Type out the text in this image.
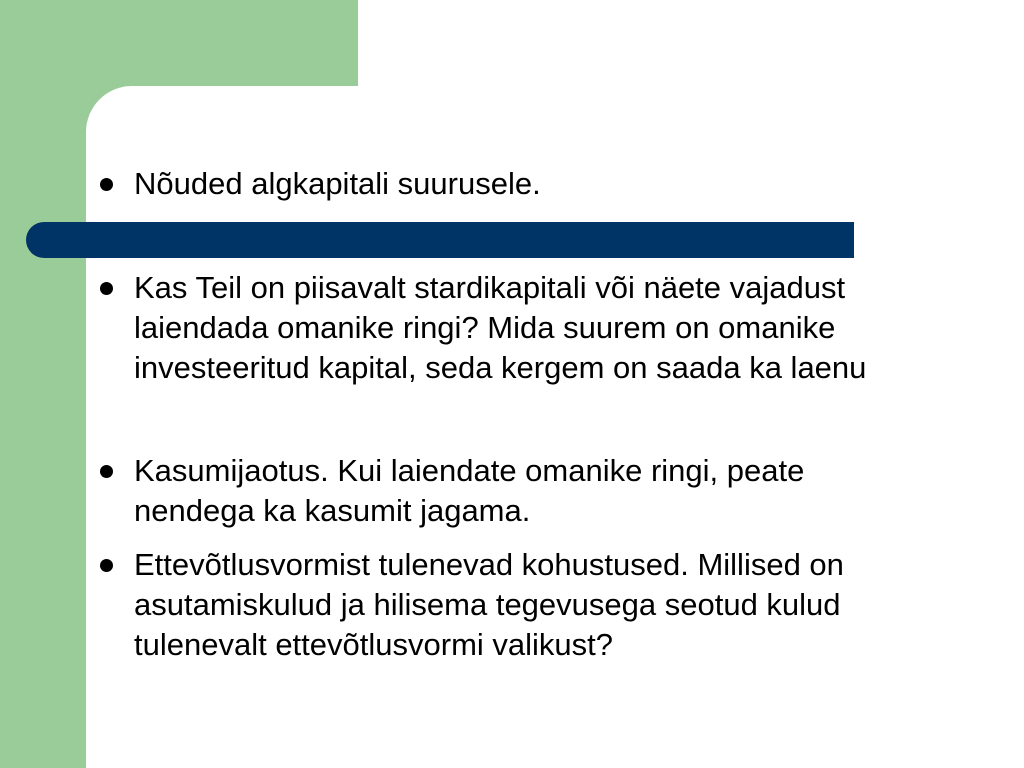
Nõuded algkapitali suurusele.
Kas Teil on piisavalt stardikapitali või näete vajadust laiendada omanike ringi? Mida suurem on omanike investeeritud kapital, seda kergem on saada ka laenu
Kasumijaotus. Kui laiendate omanike ringi, peate nendega ka kasumit jagama.
Ettevõtlusvormist tulenevad kohustused. Millised on asutamiskulud ja hilisema tegevusega seotud kulud tulenevalt ettevõtlusvormi valikust?
